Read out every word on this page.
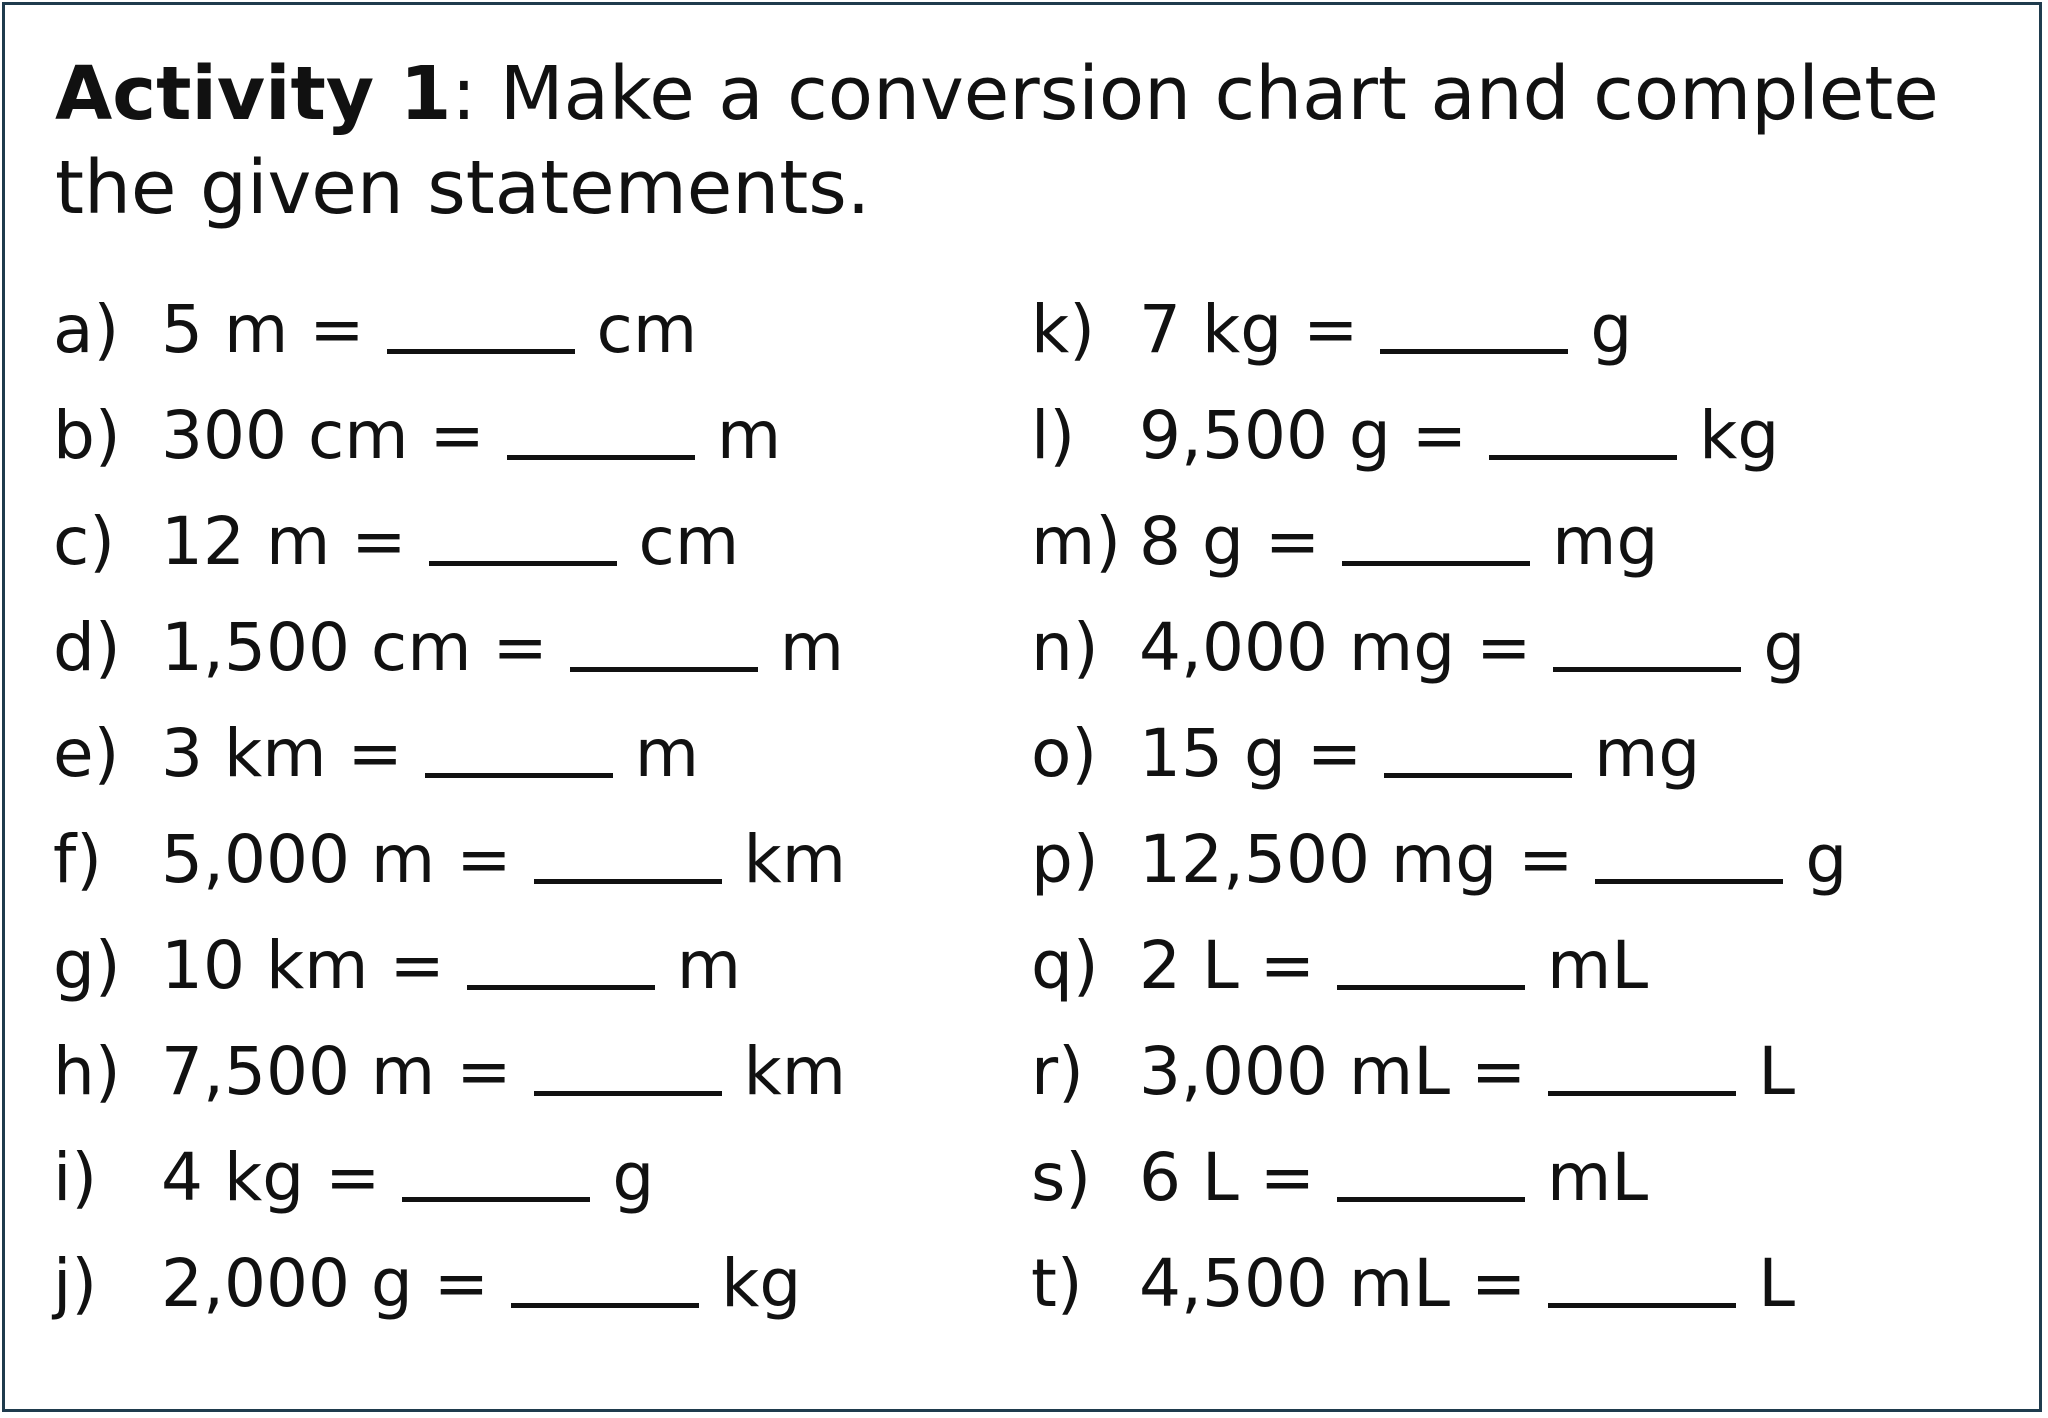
Activity 1: Make a conversion chart and complete the given statements.
a) 5 m =	cm
b) 300 cm =	m
c) 12 m =	cm
d) 1,500 cm =	m
e) 3 km =	m
f) 5,000 m =	km
g) 10 km =	m
h) 7,500 m =	km
i) 4 kg =	g
j) 2,000 g =	kg
k) 7 kg =	g
l) 9,500 g =	kg
m) 8 g =	mg
n) 4,000 mg =	g
o) 15 g =	mg
p) 12,500 mg =	g
q) 2 L =	mL
r) 3,000 mL =	L
s) 6 L =	mL
t) 4,500 mL =	L
